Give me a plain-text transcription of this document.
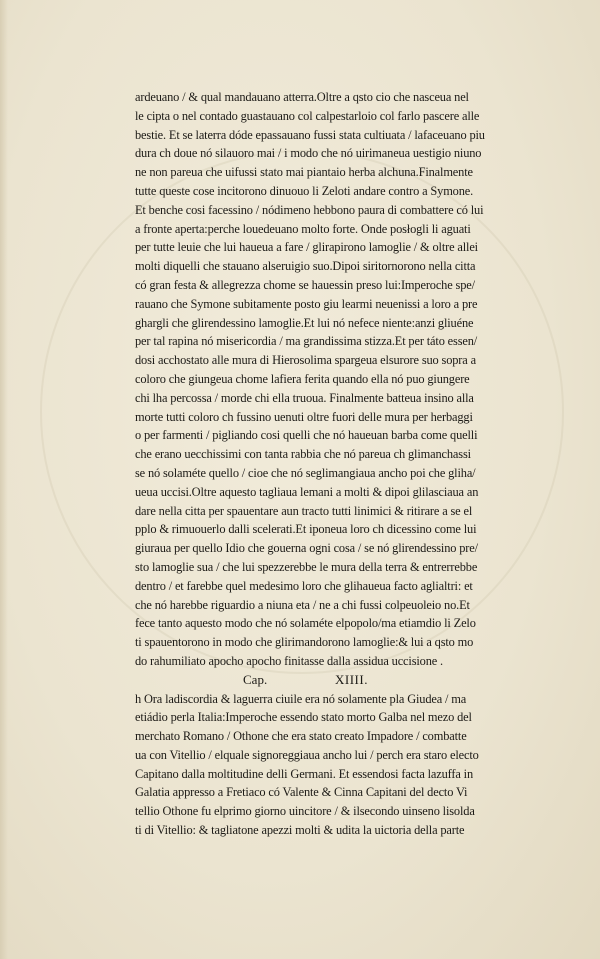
ardeuano / & qual mandauano atterra.Oltre a qsto cio che nasceua nel
le cipta o nel contado guastauano col calpestarloio col farlo pascere alle
bestie. Et se laterra dóde epassauano fussi stata cultiuata / lafaceuano piu
dura ch doue nó silauoro mai / i modo che nó uirimaneua uestigio niuno
ne non pareua che uifussi stato mai piantaio herba alchuna.Finalmente
tutte queste cose incitorono dinuouo li Zeloti andare contro a Symone.
Et benche cosi facessino / nódimeno hebbono paura di combattere có lui
a fronte aperta:perche louedeuano molto forte. Onde posłogli li aguati
per tutte leuie che lui haueua a fare / glirapirono lamoglie / & oltre allei
molti diquelli che stauano alseruigio suo.Dipoi siritornorono nella citta
có gran festa & allegrezza chome se hauessin preso lui:Imperoche spe/
rauano che Symone subitamente posto giu learmi neuenissi a loro a pre
ghargli che glirendessino lamoglie.Et lui nó nefece niente:anzi gliuéne
per tal rapina nó misericordia / ma grandissima stizza.Et per táto essen/
dosi acchostato alle mura di Hierosolima spargeua elsurore suo sopra a
coloro che giungeua chome lafiera ferita quando ella nó puo giungere
chi lha percossa / morde chi ella truoua. Finalmente batteua insino alla
morte tutti coloro ch fussino uenuti oltre fuori delle mura per herbaggi
o per farmenti / pigliando cosi quelli che nó haueuan barba come quelli
che erano uecchissimi con tanta rabbia che nó pareua ch glimanchassi
se nó solaméte quello / cioe che nó seglimangiaua ancho poi che gliha/
ueua uccisi.Oltre aquesto tagliaua lemani a molti & dipoi glilasciaua an
dare nella citta per spauentare aun tracto tutti linimici & ritirare a se el
pplo & rimuouerlo dalli scelerati.Et iponeua loro ch dicessino come lui
giuraua per quello Idio che gouerna ogni cosa / se nó glirendessino pre/
sto lamoglie sua / che lui spezzerebbe le mura della terra & entrerrebbe
dentro / et farebbe quel medesimo loro che glihaueua facto aglialtri: et
che nó harebbe riguardio a niuna eta / ne a chi fussi colpeuoleio no.Et
fece tanto aquesto modo che nó solaméte elpopolo/ma etiamdio li Zelo
ti spauentorono in modo che glirimandorono lamoglie:& lui a qsto mo
do rahumiliato apocho apocho finitasse dalla assidua uccisione .
Cap.	XIIII.
h Ora ladiscordia & laguerra ciuile era nó solamente pla Giudea / ma
etiádio perla Italia:Imperoche essendo stato morto Galba nel mezo del
merchato Romano / Othone che era stato creato Impadore / combatte
ua con Vitellio / elquale signoreggiaua ancho lui / perch era staro electo
Capitano dalla moltitudine delli Germani. Et essendosi facta lazuffa in
Galatia appresso a Fretiaco có Valente & Cinna Capitani del decto Vi
tellio Othone fu elprimo giorno uincitore / & ilsecondo uinseno lisolda
ti di Vitellio: & tagliatone apezzi molti & udita la uictoria della parte
